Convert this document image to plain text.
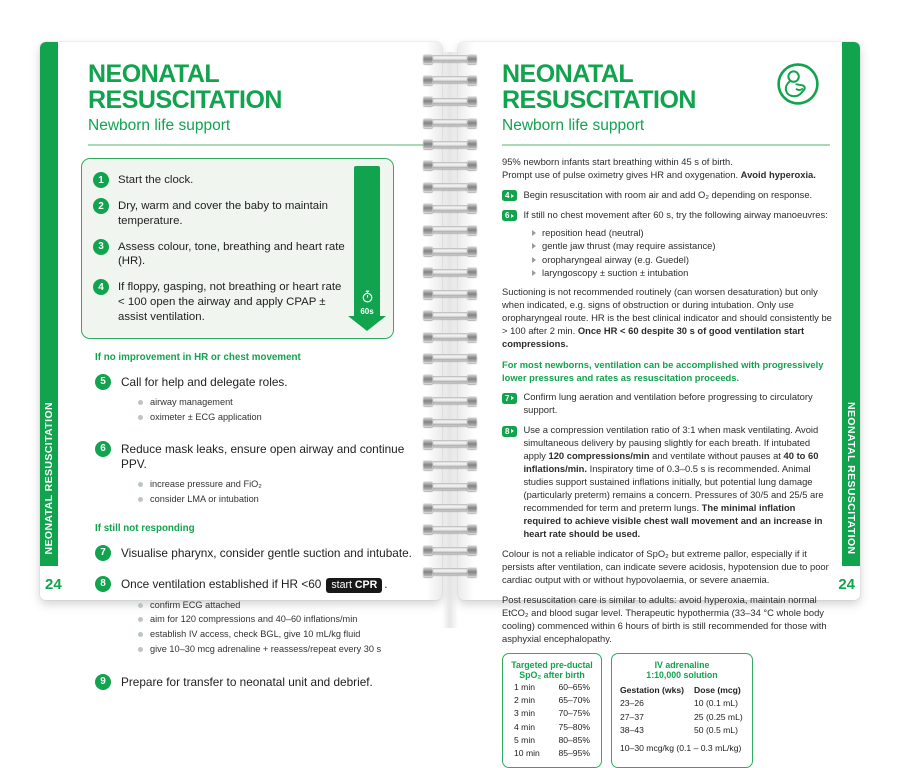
NEONATAL RESUSCITATION
24
NEONATAL
RESUSCITATION
Newborn life support
1	Start the clock.
2	Dry, warm and cover the baby to maintain temperature.
3	Assess colour, tone, breathing and heart rate (HR).
4	If floppy, gasping, not breathing or heart rate < 100 open the airway and apply CPAP ± assist ventilation.	60s
If no improvement in HR or chest movement
5	Call for help and delegate roles.
airway management
oximeter ± ECG application
6	Reduce mask leaks, ensure open airway and continue PPV.
increase pressure and FiO₂
consider LMA or intubation
If still not responding
7	Visualise pharynx, consider gentle suction and intubate.
8	Once ventilation established if HR <60 start CPR .
confirm ECG attached
aim for 120 compressions and 40–60 inflations/min
establish IV access, check BGL, give 10 mL/kg fluid
give 10–30 mcg adrenaline + reassess/repeat every 30 s
9	Prepare for transfer to neonatal unit and debrief.
NEONATAL RESUSCITATION
24
NEONATAL
RESUSCITATION
Newborn life support

95% newborn infants start breathing within 45 s of birth.
Prompt use of pulse oximetry gives HR and oxygenation. Avoid hyperoxia.

4	Begin resuscitation with room air and add O₂ depending on response.
6	If still no chest movement after 60 s, try the following airway manoeuvres:
reposition head (neutral)
gentle jaw thrust (may require assistance)
oropharyngeal airway (e.g. Guedel)
laryngoscopy ± suction ± intubation

Suctioning is not recommended routinely (can worsen desaturation) but only when indicated, e.g. signs of obstruction or during intubation. Only use oropharyngeal route. HR is the best clinical indicator and should consistently be > 100 after 2 min. Once HR < 60 despite 30 s of good ventilation start compressions.

For most newborns, ventilation can be accomplished with progressively lower pressures and rates as resuscitation proceeds.

7	Confirm lung aeration and ventilation before progressing to circulatory support.
8	Use a compression ventilation ratio of 3:1 when mask ventilating. Avoid simultaneous delivery by pausing slightly for each breath. If intubated apply 120 compressions/min and ventilate without pauses at 40 to 60 inflations/min. Inspiratory time of 0.3–0.5 s is recommended. Animal studies support sustained inflations initially, but potential lung damage (particularly preterm) remains a concern. Pressures of 30/5 and 25/5 are recommended for term and preterm lungs. The minimal inflation required to achieve visible chest wall movement and an increase in heart rate should be used.

Colour is not a reliable indicator of SpO₂ but extreme pallor, especially if it persists after ventilation, can indicate severe acidosis, hypotension due to poor cardiac output with or without hypovolaemia, or severe anaemia.

Post resuscitation care is similar to adults: avoid hyperoxia, maintain normal EtCO₂ and blood sugar level. Therapeutic hypothermia (33–34 °C whole body cooling) commenced within 6 hours of birth is still recommended for those with asphyxial encephalopathy.

Targeted pre-ductal
SpO₂ after birth
1 min	60–65%
2 min	65–70%
3 min	70–75%
4 min	75–80%
5 min	80–85%
10 min 85–95%
IV adrenaline
1:10,000 solution
Gestation (wks)	Dose (mcg)
23–26	10 (0.1 mL)
27–37	25 (0.25 mL)
38–43	50 (0.5 mL)
10–30 mcg/kg (0.1 – 0.3 mL/kg)
